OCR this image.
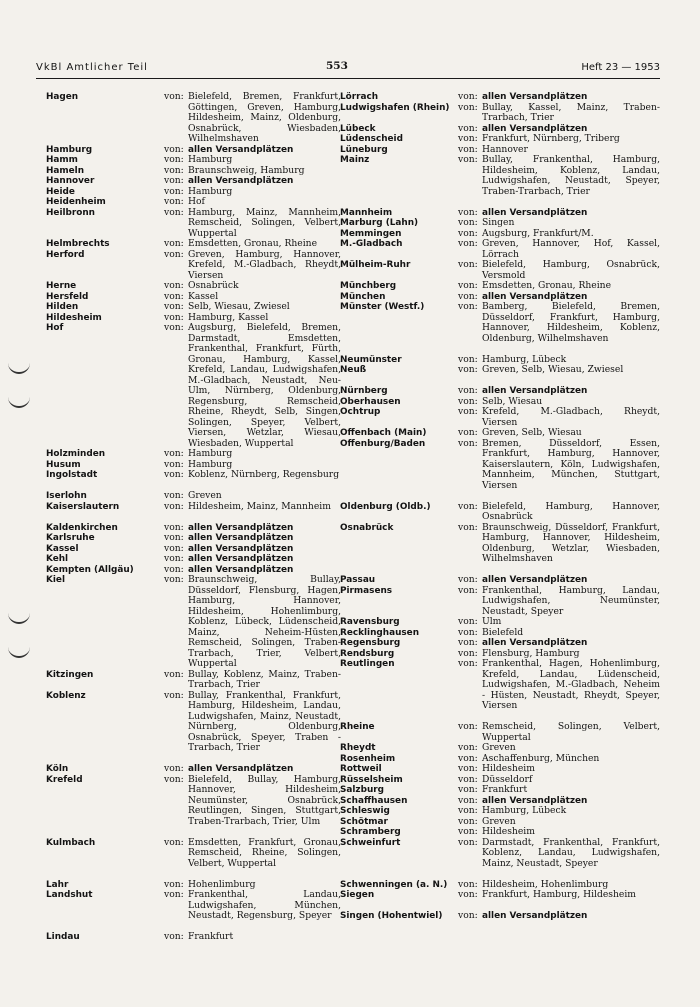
VkBl Amtlicher Teil	553	Heft 23 — 1953
Hagen	von: Bielefeld, Bremen, Frankfurt, Göttingen, Greven, Hamburg, Hildesheim, Mainz, Oldenburg, Osnabrück, Wiesbaden, Wilhelmshaven
Hamburg	von: allen Versandplätzen
Hamm	von: Hamburg
Hameln	von: Braunschweig, Hamburg
Hannover	von: allen Versandplätzen
Heide	von: Hamburg
Heidenheim	von: Hof
Heilbronn	von: Hamburg, Mainz, Mannheim, Remscheid, Solingen, Velbert, Wuppertal
Helmbrechts	von: Emsdetten, Gronau, Rheine
Herford	von: Greven, Hamburg, Hannover, Krefeld, M.-Gladbach, Rheydt, Viersen
Herne	von: Osnabrück
Hersfeld	von: Kassel
Hilden	von: Selb, Wiesau, Zwiesel
Hildesheim	von: Hamburg, Kassel
Hof	von: Augsburg, Bielefeld, Bremen, Darmstadt, Emsdetten, Frankenthal, Frankfurt, Fürth, Gronau, Hamburg, Kassel, Krefeld, Landau, Ludwigshafen, M.-Gladbach, Neustadt, Neu-Ulm, Nürnberg, Oldenburg, Regensburg, Remscheid, Rheine, Rheydt, Selb, Singen, Solingen, Speyer, Velbert, Viersen, Wetzlar, Wiesau, Wiesbaden, Wuppertal
Holzminden	von: Hamburg
Husum	von: Hamburg
Ingolstadt	von: Koblenz, Nürnberg, Regensburg
Iserlohn	von: Greven
Kaiserslautern	von: Hildesheim, Mainz, Mannheim
Kaldenkirchen	von: allen Versandplätzen
Karlsruhe	von: allen Versandplätzen
Kassel	von: allen Versandplätzen
Kehl	von: allen Versandplätzen
Kempten (Allgäu)	von: allen Versandplätzen
Kiel	von: Braunschweig, Bullay, Düsseldorf, Flensburg, Hagen, Hamburg, Hannover, Hildesheim, Hohenlimburg, Koblenz, Lübeck, Lüdenscheid, Mainz, Neheim-Hüsten, Remscheid, Solingen, Traben-Trarbach, Trier, Velbert, Wuppertal
Kitzingen	von: Bullay, Koblenz, Mainz, Traben-Trarbach, Trier
Koblenz	von: Bullay, Frankenthal, Frankfurt, Hamburg, Hildesheim, Landau, Ludwigshafen, Mainz, Neustadt, Nürnberg, Oldenburg, Osnabrück, Speyer, Traben - Trarbach, Trier
Köln	von: allen Versandplätzen
Krefeld	von: Bielefeld, Bullay, Hamburg, Hannover, Hildesheim, Neumünster, Osnabrück, Reutlingen, Singen, Stuttgart, Traben-Trarbach, Trier, Ulm
Kulmbach	von: Emsdetten, Frankfurt, Gronau, Remscheid, Rheine, Solingen, Velbert, Wuppertal
Lahr	von: Hohenlimburg
Landshut	von: Frankenthal, Landau, Ludwigshafen, München, Neustadt, Regensburg, Speyer
Lindau	von: Frankfurt
Lörrach	von: allen Versandplätzen
Ludwigshafen (Rhein) von: Bullay, Kassel, Mainz, Traben-Trarbach, Trier
Lübeck	von: allen Versandplätzen
Lüdenscheid	von: Frankfurt, Nürnberg, Triberg
Lüneburg	von: Hannover
Mainz	von: Bullay, Frankenthal, Hamburg, Hildesheim, Koblenz, Landau, Ludwigshafen, Neustadt, Speyer, Traben-Trarbach, Trier
Mannheim	von: allen Versandplätzen
Marburg (Lahn)	von: Singen
Memmingen	von: Augsburg, Frankfurt/M.
M.-Gladbach	von: Greven, Hannover, Hof, Kassel, Lörrach
Mülheim-Ruhr	von: Bielefeld, Hamburg, Osnabrück, Versmold
Münchberg	von: Emsdetten, Gronau, Rheine
München	von: allen Versandplätzen
Münster (Westf.)	von: Bamberg, Bielefeld, Bremen, Düsseldorf, Frankfurt, Hamburg, Hannover, Hildesheim, Koblenz, Oldenburg, Wilhelmshaven
Neumünster	von: Hamburg, Lübeck
Neuß	von: Greven, Selb, Wiesau, Zwiesel
Nürnberg	von: allen Versandplätzen
Oberhausen	von: Selb, Wiesau
Ochtrup	von: Krefeld, M.-Gladbach, Rheydt, Viersen
Offenbach (Main)	von: Greven, Selb, Wiesau
Offenburg/Baden	von: Bremen, Düsseldorf, Essen, Frankfurt, Hamburg, Hannover, Kaiserslautern, Köln, Ludwigshafen, Mannheim, München, Stuttgart, Viersen
Oldenburg (Oldb.)	von: Bielefeld, Hamburg, Hannover, Osnabrück
Osnabrück	von: Braunschweig, Düsseldorf, Frankfurt, Hamburg, Hannover, Hildesheim, Oldenburg, Wetzlar, Wiesbaden, Wilhelmshaven
Passau	von: allen Versandplätzen
Pirmasens	von: Frankenthal, Hamburg, Landau, Ludwigshafen, Neumünster, Neustadt, Speyer
Ravensburg	von: Ulm
Recklinghausen	von: Bielefeld
Regensburg	von: allen Versandplätzen
Rendsburg	von: Flensburg, Hamburg
Reutlingen	von: Frankenthal, Hagen, Hohenlimburg, Krefeld, Landau, Lüdenscheid, Ludwigshafen, M.-Gladbach, Neheim - Hüsten, Neustadt, Rheydt, Speyer, Viersen
Rheine	von: Remscheid, Solingen, Velbert, Wuppertal
Rheydt	von: Greven
Rosenheim	von: Aschaffenburg, München
Rottweil	von: Hildesheim
Rüsselsheim	von: Düsseldorf
Salzburg	von: Frankfurt
Schaffhausen	von: allen Versandplätzen
Schleswig	von: Hamburg, Lübeck
Schötmar	von: Greven
Schramberg	von: Hildesheim
Schweinfurt	von: Darmstadt, Frankenthal, Frankfurt, Koblenz, Landau, Ludwigshafen, Mainz, Neustadt, Speyer
Schwenningen (a. N.)	von: Hildesheim, Hohenlimburg
Siegen	von: Frankfurt, Hamburg, Hildesheim
Singen (Hohentwiel)	von: allen Versandplätzen
